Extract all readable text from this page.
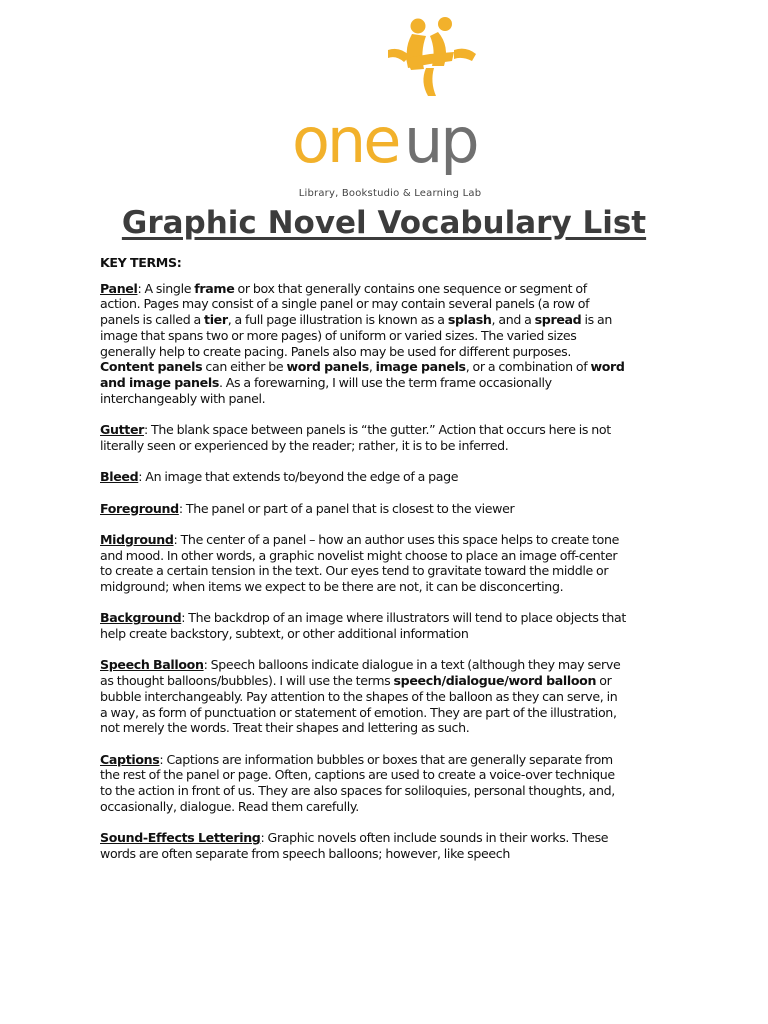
one up
Library, Bookstudio & Learning Lab
Graphic Novel Vocabulary List

KEY TERMS:

Panel: A single frame or box that generally contains one sequence or segment of action. Pages may consist of a single panel or may contain several panels (a row of panels is called a tier, a full page illustration is known as a splash, and a spread is an image that spans two or more pages) of uniform or varied sizes. The varied sizes generally help to create pacing. Panels also may be used for different purposes. Content panels can either be word panels, image panels, or a combination of word and image panels. As a forewarning, I will use the term frame occasionally interchangeably with panel.

Gutter: The blank space between panels is “the gutter.” Action that occurs here is not literally seen or experienced by the reader; rather, it is to be inferred.

Bleed: An image that extends to/beyond the edge of a page

Foreground: The panel or part of a panel that is closest to the viewer

Midground: The center of a panel – how an author uses this space helps to create tone and mood. In other words, a graphic novelist might choose to place an image off-center to create a certain tension in the text. Our eyes tend to gravitate toward the middle or midground; when items we expect to be there are not, it can be disconcerting.

Background: The backdrop of an image where illustrators will tend to place objects that help create backstory, subtext, or other additional information

Speech Balloon: Speech balloons indicate dialogue in a text (although they may serve as thought balloons/bubbles). I will use the terms speech/dialogue/word balloon or bubble interchangeably. Pay attention to the shapes of the balloon as they can serve, in a way, as form of punctuation or statement of emotion. They are part of the illustration, not merely the words. Treat their shapes and lettering as such.

Captions: Captions are information bubbles or boxes that are generally separate from the rest of the panel or page. Often, captions are used to create a voice-over technique to the action in front of us. They are also spaces for soliloquies, personal thoughts, and, occasionally, dialogue. Read them carefully.

Sound-Effects Lettering: Graphic novels often include sounds in their works. These words are often separate from speech balloons; however, like speech
